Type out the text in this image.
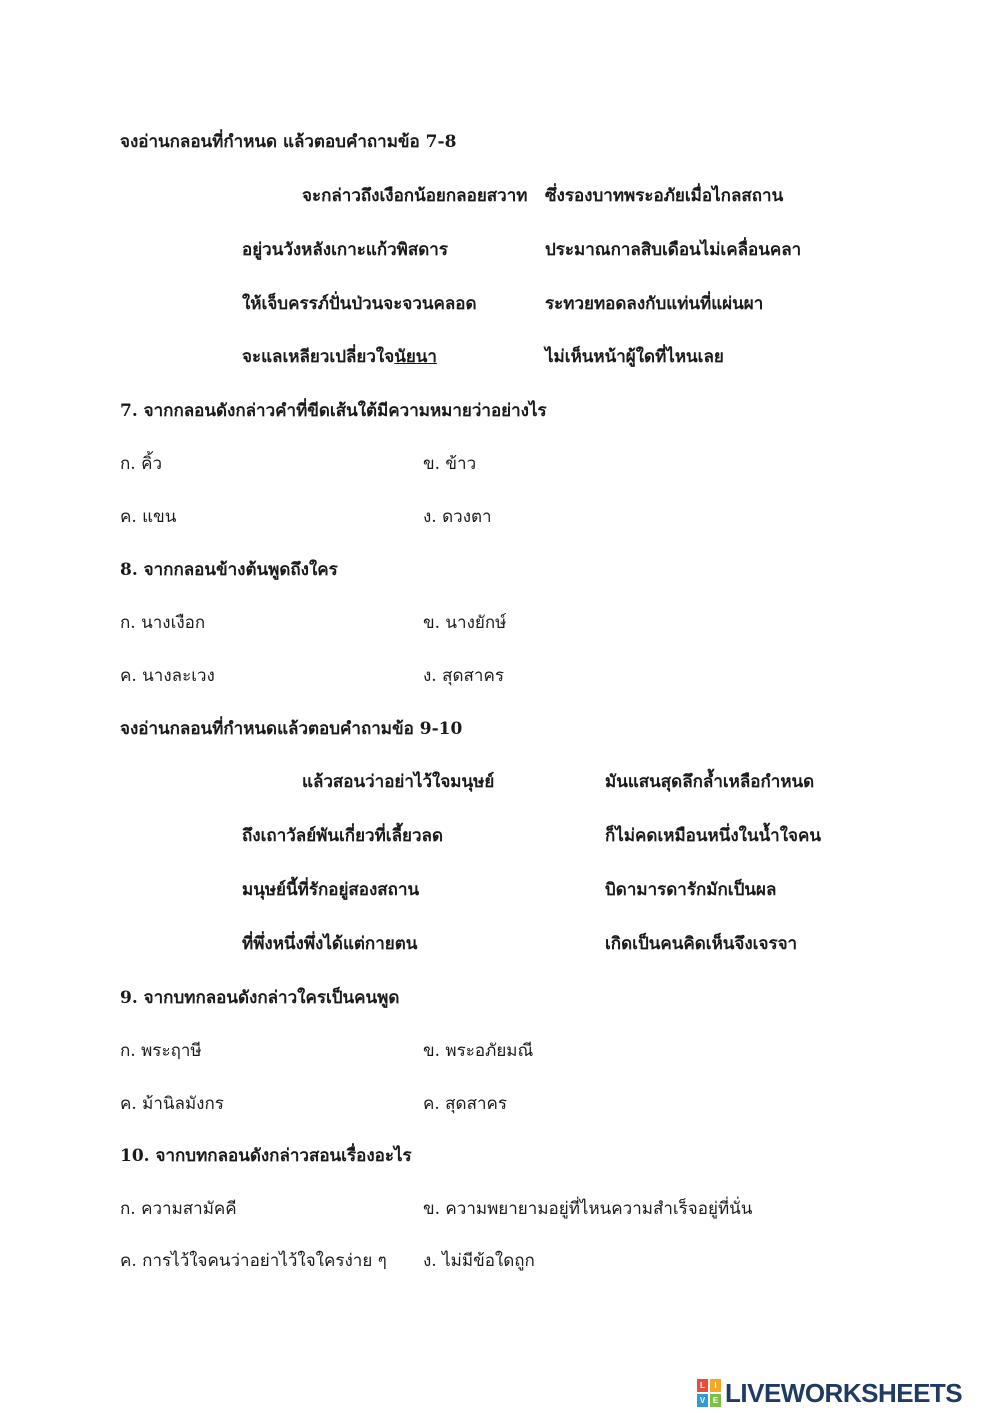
จงอ่านกลอนที่กำหนด แล้วตอบคำถามข้อ 7-8
จะกล่าวถึงเงือกน้อยกลอยสวาท ซึ่งรองบาทพระอภัยเมื่อไกลสถาน
อยู่วนวังหลังเกาะแก้วพิสดาร	ประมาณกาลสิบเดือนไม่เคลื่อนคลา
ให้เจ็บครรภ์ปั่นป่วนจะจวนคลอด	ระทวยทอดลงกับแท่นที่แผ่นผา
จะแลเหลียวเปลี่ยวใจนัยนา	ไม่เห็นหน้าผู้ใดที่ไหนเลย
7. จากกลอนดังกล่าวคำที่ขีดเส้นใต้มีความหมายว่าอย่างไร
ก. คิ้ว	ข. ข้าว
ค. แขน	ง. ดวงตา
8. จากกลอนข้างต้นพูดถึงใคร
ก. นางเงือก	ข. นางยักษ์
ค. นางละเวง	ง. สุดสาคร
จงอ่านกลอนที่กำหนดแล้วตอบคำถามข้อ 9-10
แล้วสอนว่าอย่าไว้ใจมนุษย์	มันแสนสุดลึกล้ำเหลือกำหนด
ถึงเถาวัลย์พันเกี่ยวที่เลี้ยวลด	ก็ไม่คดเหมือนหนึ่งในน้ำใจคน
มนุษย์นี้ที่รักอยู่สองสถาน	บิดามารดารักมักเป็นผล
ที่พึ่งหนึ่งพึ่งได้แต่กายตน	เกิดเป็นคนคิดเห็นจึงเจรจา
9. จากบทกลอนดังกล่าวใครเป็นคนพูด
ก. พระฤาษี	ข. พระอภัยมณี
ค. ม้านิลมังกร	ค. สุดสาคร
10. จากบทกลอนดังกล่าวสอนเรื่องอะไร
ก. ความสามัคคี	ข. ความพยายามอยู่ที่ไหนความสำเร็จอยู่ที่นั่น
ค. การไว้ใจคนว่าอย่าไว้ใจใครง่าย ๆ ง. ไม่มีข้อใดถูก
L	I
V E LIVEWORKSHEETS
